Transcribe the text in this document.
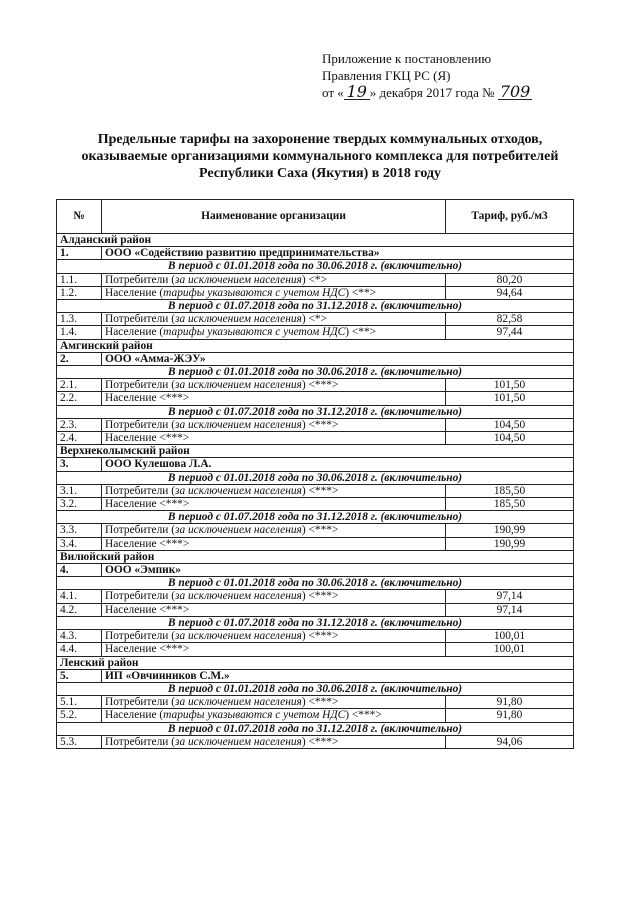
Приложение к постановлению
Правления ГКЦ РС (Я)
от « 19 » декабря 2017 года № 709
Предельные тарифы на захоронение твердых коммунальных отходов,
оказываемые организациями коммунального комплекса для потребителей
Республики Саха (Якутия) в 2018 году
№	Наименование организации	Тариф, руб./м3
Алданский район		
1.	ООО «Содействию развитию предпринимательства»	
В период с 01.01.2018 года по 30.06.2018 г. (включительно)		
1.1.	Потребители (за исключением населения) <*>	80,20
1.2.	Население (тарифы указываются с учетом НДС) <**>	94,64
В период с 01.07.2018 года по 31.12.2018 г. (включительно)		
1.3.	Потребители (за исключением населения) <*>	82,58
1.4.	Население (тарифы указываются с учетом НДС) <**>	97,44
Амгинский район		
2.	ООО «Амма-ЖЭУ»	
В период с 01.01.2018 года по 30.06.2018 г. (включительно)		
2.1.	Потребители (за исключением населения) <***>	101,50
2.2.	Население <***>	101,50
В период с 01.07.2018 года по 31.12.2018 г. (включительно)		
2.3.	Потребители (за исключением населения) <***>	104,50
2.4.	Население <***>	104,50
Верхнеколымский район		
3.	ООО Кулешова Л.А.	
В период с 01.01.2018 года по 30.06.2018 г. (включительно)		
3.1.	Потребители (за исключением населения) <***>	185,50
3.2.	Население <***>	185,50
В период с 01.07.2018 года по 31.12.2018 г. (включительно)		
3.3.	Потребители (за исключением населения) <***>	190,99
3.4.	Население <***>	190,99
Вилюйский район		
4.	ООО «Эмпик»	
В период с 01.01.2018 года по 30.06.2018 г. (включительно)		
4.1.	Потребители (за исключением населения) <***>	97,14
4.2.	Население <***>	97,14
В период с 01.07.2018 года по 31.12.2018 г. (включительно)		
4.3.	Потребители (за исключением населения) <***>	100,01
4.4.	Население <***>	100,01
Ленский район		
5.	ИП «Овчинников С.М.»	
В период с 01.01.2018 года по 30.06.2018 г. (включительно)		
5.1.	Потребители (за исключением населения) <***>	91,80
5.2.	Население (тарифы указываются с учетом НДС) <***>	91,80
В период с 01.07.2018 года по 31.12.2018 г. (включительно)		
5.3.	Потребители (за исключением населения) <***>	94,06
